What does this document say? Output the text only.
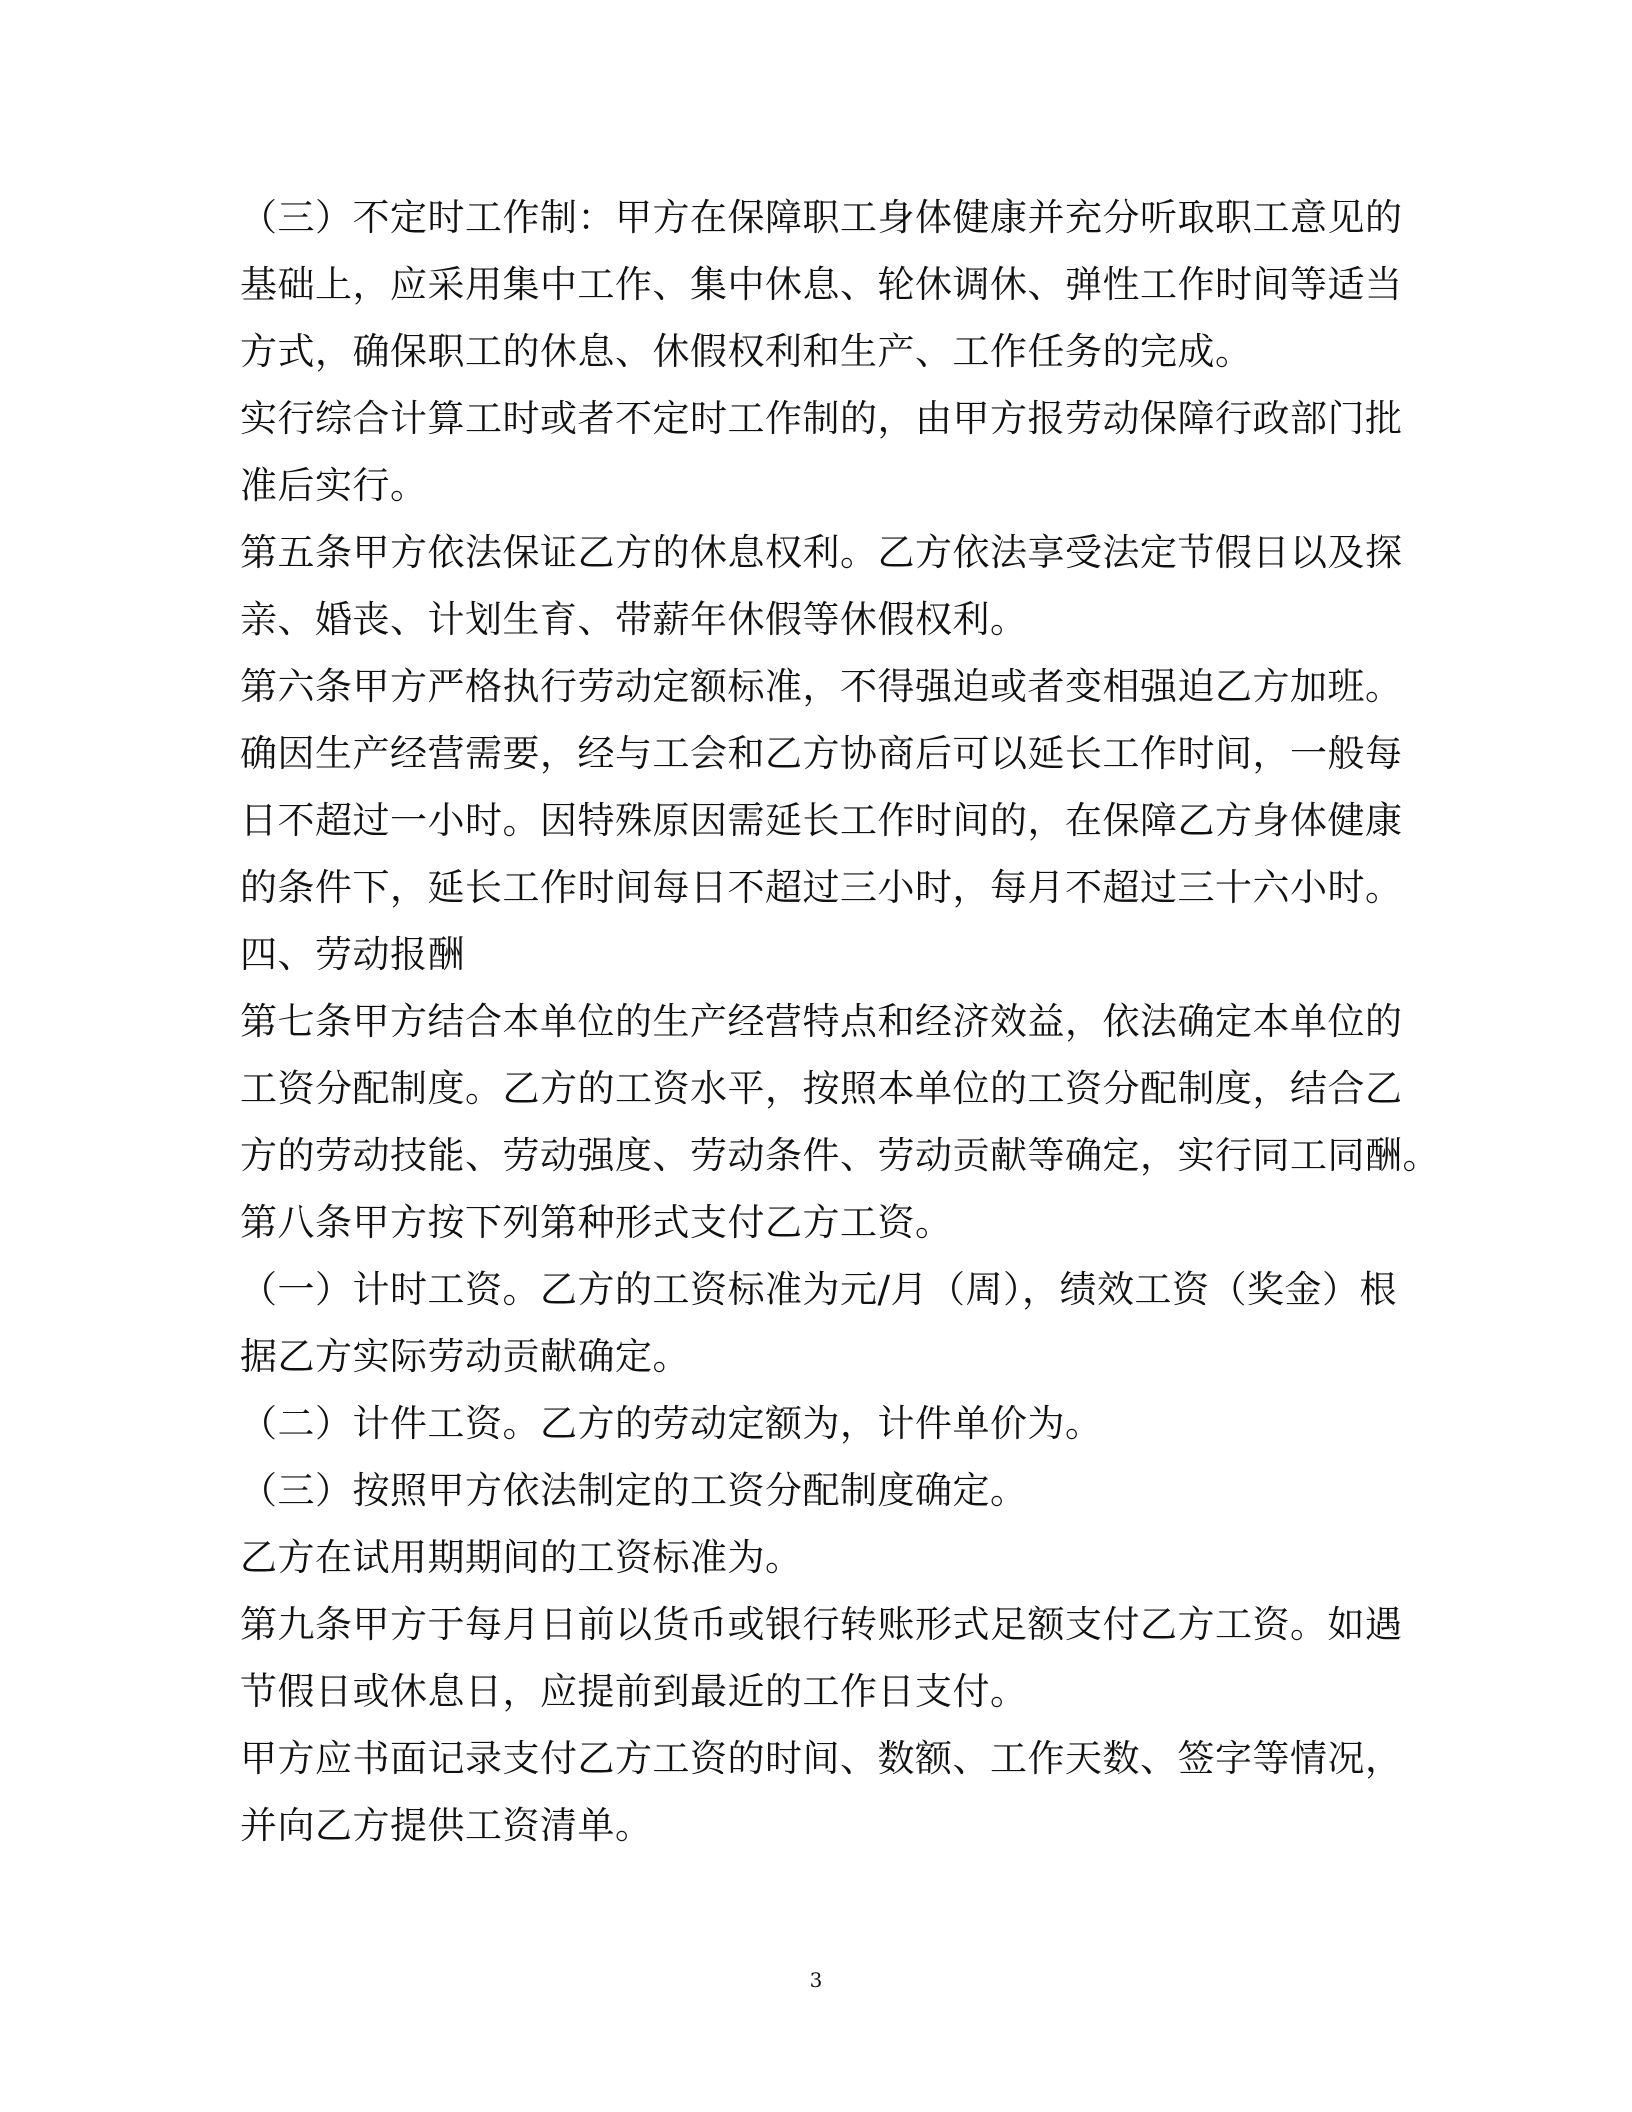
（三）不定时工作制：甲方在保障职工身体健康并充分听取职工意见的
基础上，应采用集中工作、集中休息、轮休调休、弹性工作时间等适当
方式，确保职工的休息、休假权利和生产、工作任务的完成。
实行综合计算工时或者不定时工作制的，由甲方报劳动保障行政部门批
准后实行。
第五条甲方依法保证乙方的休息权利。乙方依法享受法定节假日以及探
亲、婚丧、计划生育、带薪年休假等休假权利。
第六条甲方严格执行劳动定额标准，不得强迫或者变相强迫乙方加班。
确因生产经营需要，经与工会和乙方协商后可以延长工作时间，一般每
日不超过一小时。因特殊原因需延长工作时间的，在保障乙方身体健康
的条件下，延长工作时间每日不超过三小时，每月不超过三十六小时。
四、劳动报酬
第七条甲方结合本单位的生产经营特点和经济效益，依法确定本单位的
工资分配制度。乙方的工资水平，按照本单位的工资分配制度，结合乙
方的劳动技能、劳动强度、劳动条件、劳动贡献等确定，实行同工同酬。
第八条甲方按下列第种形式支付乙方工资。
（一）计时工资。乙方的工资标准为元/月（周），绩效工资（奖金）根
据乙方实际劳动贡献确定。
（二）计件工资。乙方的劳动定额为，计件单价为。
（三）按照甲方依法制定的工资分配制度确定。
乙方在试用期期间的工资标准为。
第九条甲方于每月日前以货币或银行转账形式足额支付乙方工资。如遇
节假日或休息日，应提前到最近的工作日支付。
甲方应书面记录支付乙方工资的时间、数额、工作天数、签字等情况，
并向乙方提供工资清单。
3
